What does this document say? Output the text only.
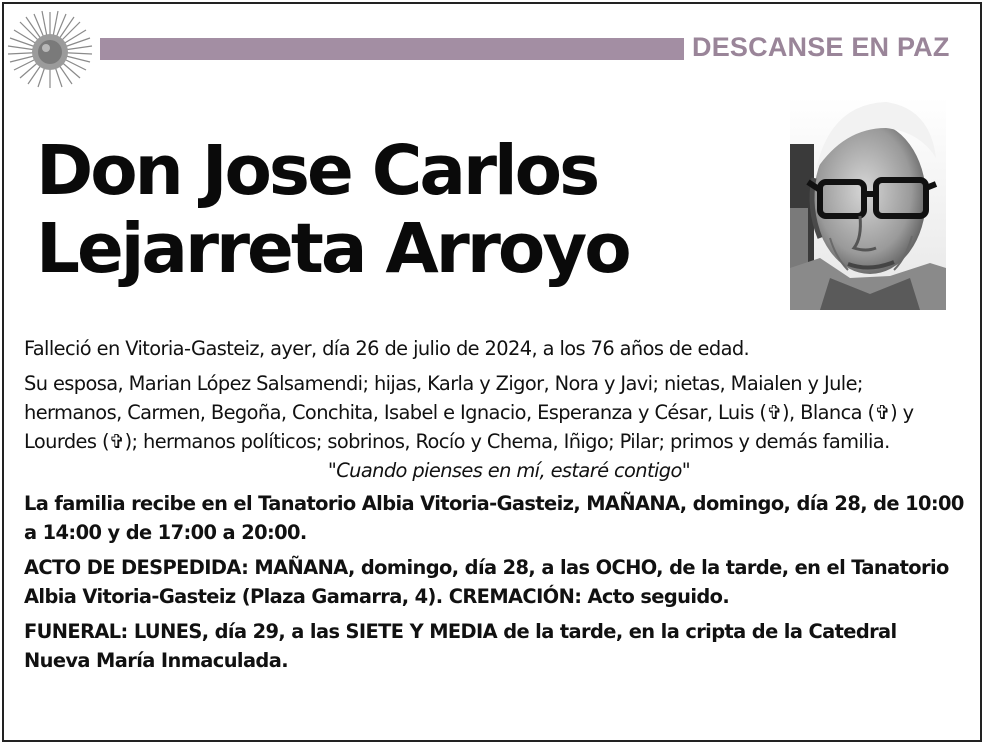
DESCANSE EN PAZ
Don Jose Carlos
Lejarreta Arroyo

Falleció en Vitoria-Gasteiz, ayer, día 26 de julio de 2024, a los 76 años de edad.

Su esposa, Marian López Salsamendi; hijas, Karla y Zigor, Nora y Javi; nietas, Maialen y Jule; hermanos, Carmen, Begoña, Conchita, Isabel e Ignacio, Esperanza y César, Luis (✞), Blanca (✞) y Lourdes (✞); hermanos políticos; sobrinos, Rocío y Chema, Iñigo; Pilar; primos y demás familia.

"Cuando pienses en mí, estaré contigo"

La familia recibe en el Tanatorio Albia Vitoria-Gasteiz, MAÑANA, domingo, día 28, de 10:00 a 14:00 y de 17:00 a 20:00.

ACTO DE DESPEDIDA: MAÑANA, domingo, día 28, a las OCHO, de la tarde, en el Tanatorio Albia Vitoria-Gasteiz (Plaza Gamarra, 4). CREMACIÓN: Acto seguido.

FUNERAL: LUNES, día 29, a las SIETE Y MEDIA de la tarde, en la cripta de la Catedral Nueva María Inmaculada.
